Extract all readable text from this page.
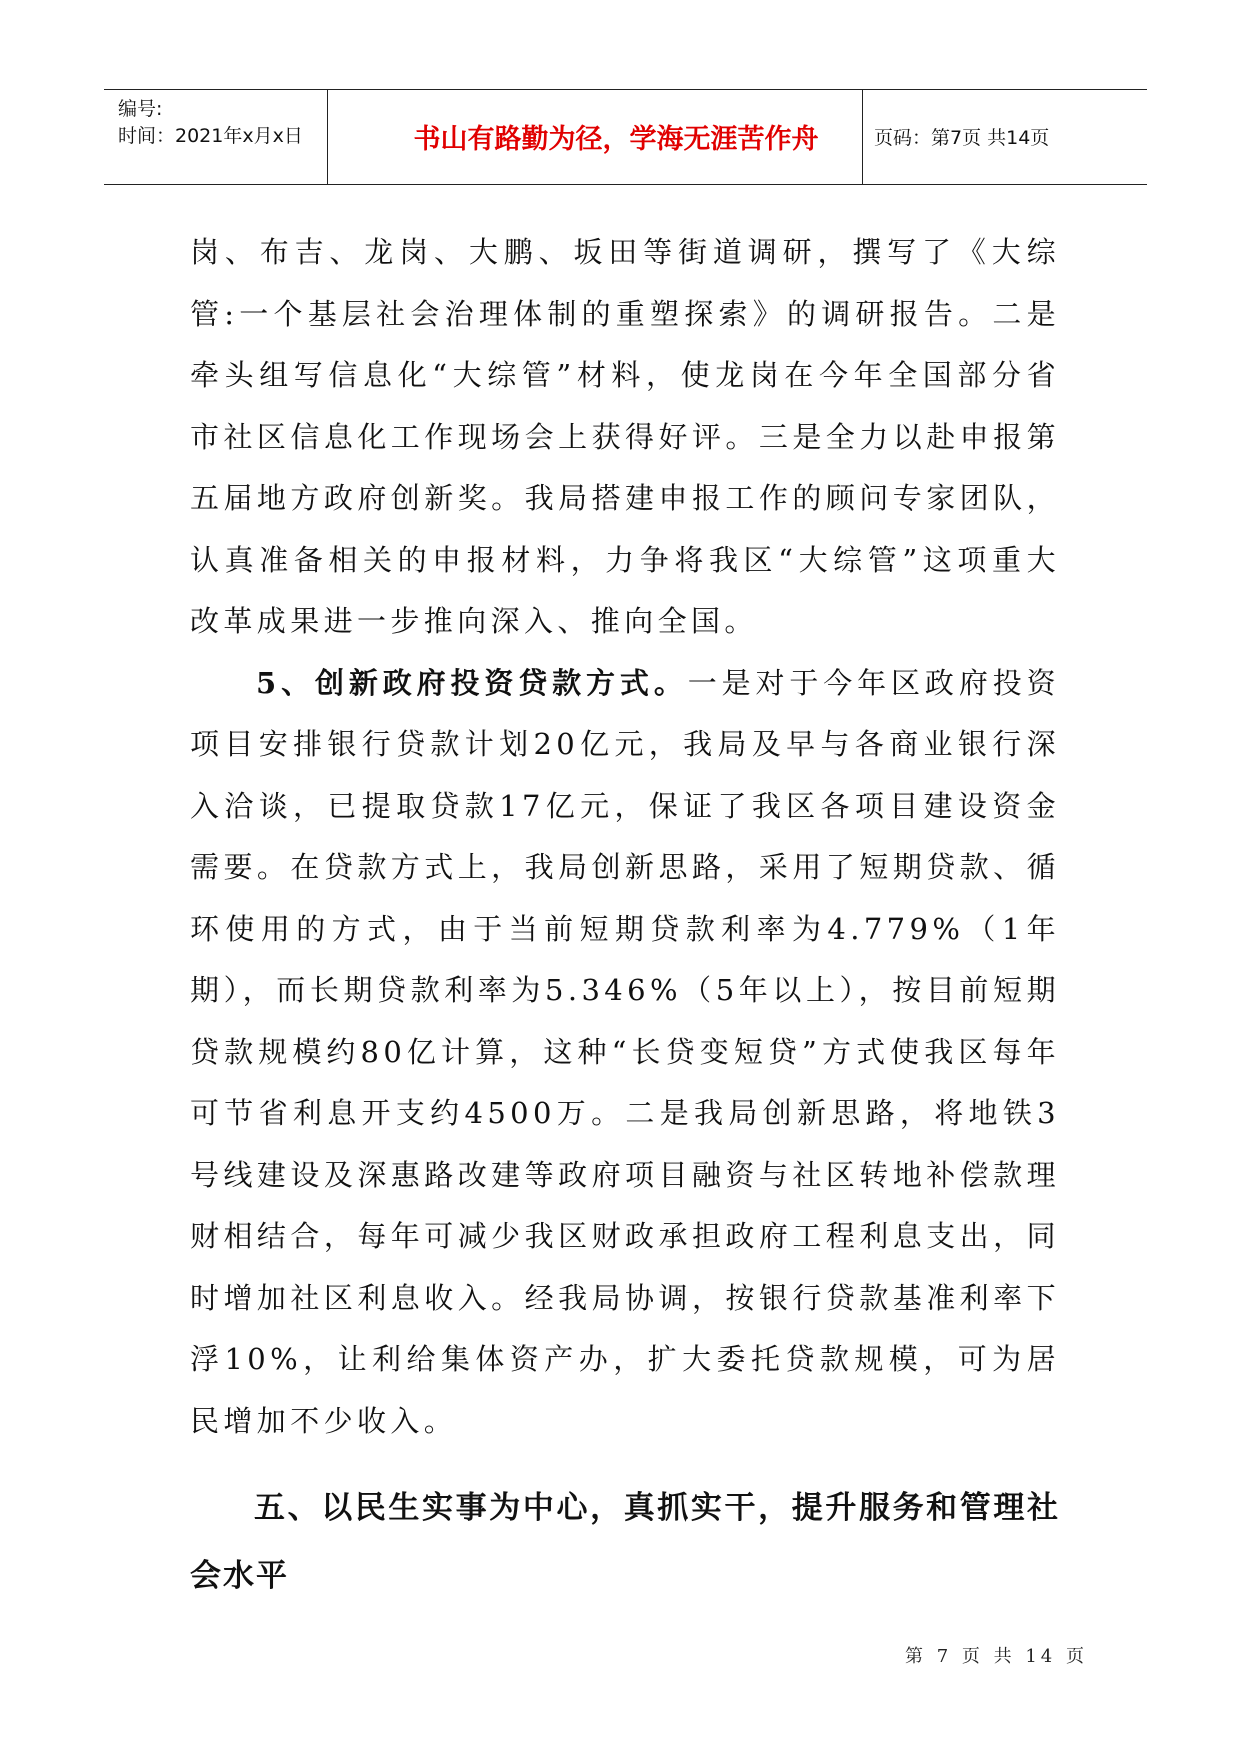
编号:
时间：2021年x月x日	书山有路勤为径，学海无涯苦作舟	页码：第7页 共14页

岗、布吉、龙岗、大鹏、坂田等街道调研，撰写了《大综管:一个基层社会治理体制的重塑探索》的调研报告。二是牵头组写信息化“大综管”材料，使龙岗在今年全国部分省市社区信息化工作现场会上获得好评。三是全力以赴申报第五届地方政府创新奖。我局搭建申报工作的顾问专家团队，认真准备相关的申报材料，力争将我区“大综管”这项重大改革成果进一步推向深入、推向全国。

5、创新政府投资贷款方式。一是对于今年区政府投资项目安排银行贷款计划20亿元，我局及早与各商业银行深入洽谈，已提取贷款17亿元，保证了我区各项目建设资金需要。在贷款方式上，我局创新思路，采用了短期贷款、循环使用的方式，由于当前短期贷款利率为4.779%（1年期），而长期贷款利率为5.346%（5年以上），按目前短期贷款规模约80亿计算，这种“长贷变短贷”方式使我区每年可节省利息开支约4500万。二是我局创新思路，将地铁3号线建设及深惠路改建等政府项目融资与社区转地补偿款理财相结合，每年可减少我区财政承担政府工程利息支出，同时增加社区利息收入。经我局协调，按银行贷款基准利率下浮10%，让利给集体资产办，扩大委托贷款规模，可为居民增加不少收入。

五、以民生实事为中心，真抓实干，提升服务和管理社会水平

第 7 页 共 14 页
